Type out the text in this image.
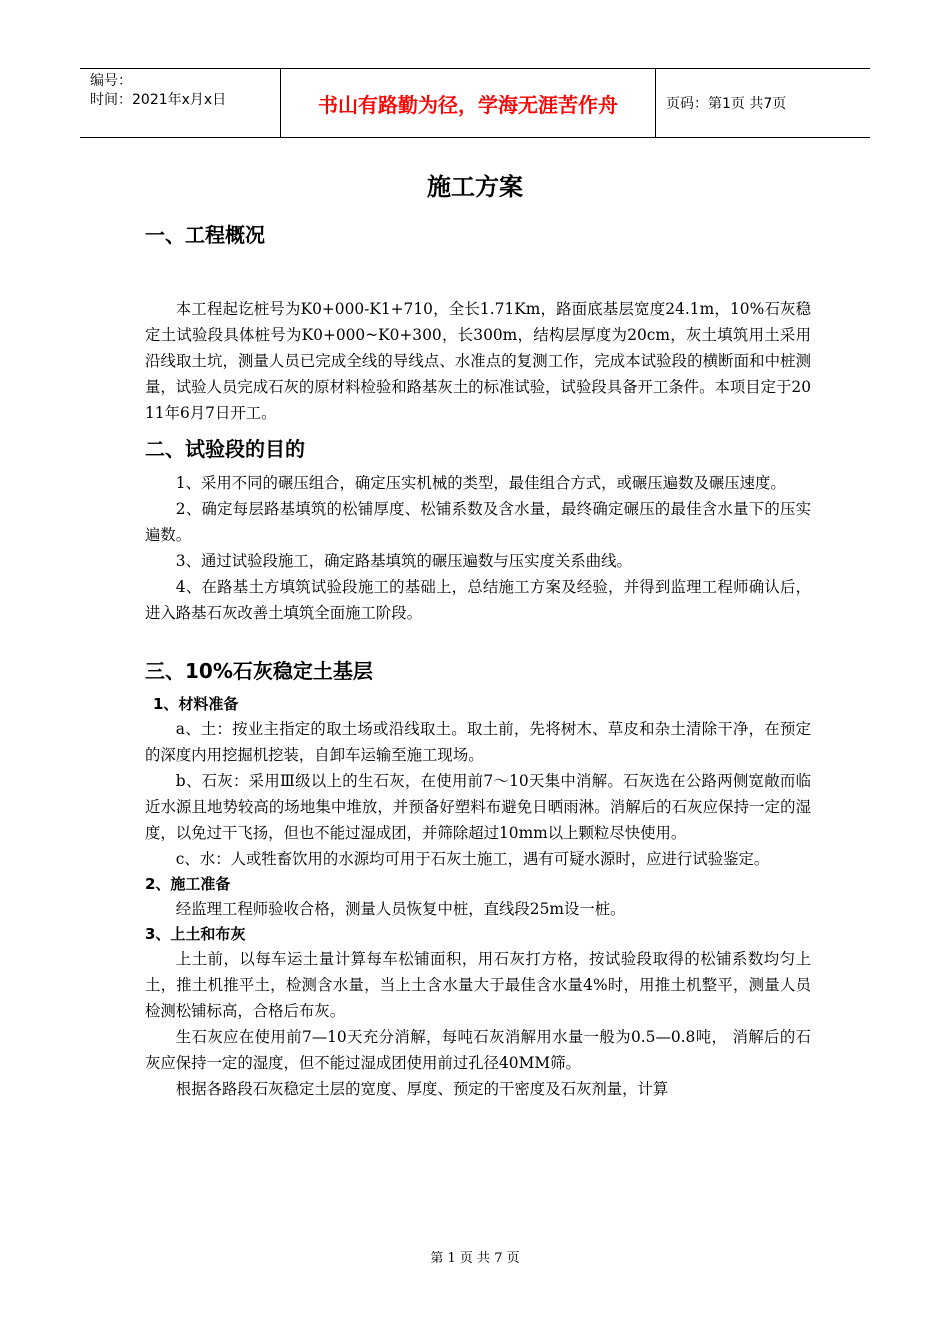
编号：
时间：2021年x月x日	书山有路勤为径，学海无涯苦作舟	页码：第1页 共7页
施工方案
一、工程概况

本工程起讫桩号为K0+000-K1+710，全长1.71Km，路面底基层宽度24.1m，10%石灰稳定土试验段具体桩号为K0+000~K0+300，长300m，结构层厚度为20cm，灰土填筑用土采用沿线取土坑，测量人员已完成全线的导线点、水准点的复测工作，完成本试验段的横断面和中桩测量，试验人员完成石灰的原材料检验和路基灰土的标准试验，试验段具备开工条件。本项目定于2011年6月7日开工。

二、试验段的目的

1、采用不同的碾压组合，确定压实机械的类型，最佳组合方式，或碾压遍数及碾压速度。

2、确定每层路基填筑的松铺厚度、松铺系数及含水量，最终确定碾压的最佳含水量下的压实遍数。

3、通过试验段施工，确定路基填筑的碾压遍数与压实度关系曲线。

4、在路基土方填筑试验段施工的基础上，总结施工方案及经验，并得到监理工程师确认后，进入路基石灰改善土填筑全面施工阶段。

三、10%石灰稳定土基层
1、材料准备

a、土：按业主指定的取土场或沿线取土。取土前，先将树木、草皮和杂土清除干净，在预定的深度内用挖掘机挖装，自卸车运输至施工现场。

b、石灰：采用Ⅲ级以上的生石灰，在使用前7～10天集中消解。石灰选在公路两侧宽敞而临近水源且地势较高的场地集中堆放，并预备好塑料布避免日晒雨淋。消解后的石灰应保持一定的湿度，以免过干飞扬，但也不能过湿成团，并筛除超过10mm以上颗粒尽快使用。

c、水：人或牲畜饮用的水源均可用于石灰土施工，遇有可疑水源时，应进行试验鉴定。

2、施工准备

经监理工程师验收合格，测量人员恢复中桩，直线段25m设一桩。

3、上土和布灰

上土前，以每车运土量计算每车松铺面积，用石灰打方格，按试验段取得的松铺系数均匀上土，推土机推平土，检测含水量，当上土含水量大于最佳含水量4%时，用推土机整平，测量人员检测松铺标高，合格后布灰。

生石灰应在使用前7—10天充分消解，每吨石灰消解用水量一般为0.5—0.8吨， 消解后的石灰应保持一定的湿度，但不能过湿成团使用前过孔径40MM筛。

根据各路段石灰稳定土层的宽度、厚度、预定的干密度及石灰剂量，计算

第 1 页 共 7 页
